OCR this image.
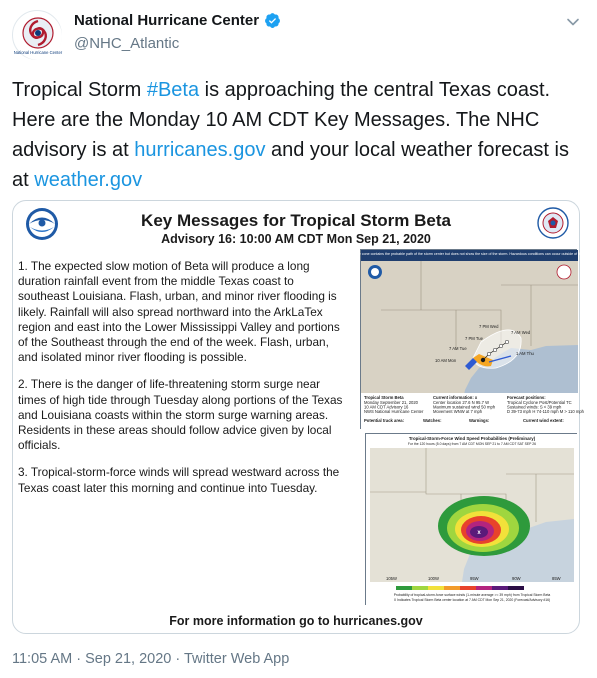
National Hurricane Center
National Hurricane Center
@NHC_Atlantic
Tropical Storm #Beta is approaching the central Texas coast. Here are the Monday 10 AM CDT Key Messages. The NHC advisory is at hurricanes.gov and your local weather forecast is at weather.gov
Key Messages for Tropical Storm Beta
Advisory 16: 10:00 AM CDT Mon Sep 21, 2020

1. The expected slow motion of Beta will produce a long duration rainfall event from the middle Texas coast to southeast Louisiana. Flash, urban, and minor river flooding is likely. Rainfall will also spread northward into the ArkLaTex region and east into the Lower Mississippi Valley and portions of the Southeast through the end of the week. Flash, urban, and isolated minor river flooding is possible.

2. There is the danger of life-threatening storm surge near times of high tide through Tuesday along portions of the Texas and Louisiana coasts within the storm surge warning areas. Residents in these areas should follow advice given by local officials.

3. Tropical-storm-force winds will spread westward across the Texas coast later this morning and continue into Tuesday.

Note: The cone contains the probable path of the storm center but does not show the size of the storm. Hazardous conditions can occur outside of the cone.
7 PM Wed
7 PM Tue
7 AM Wed
7 AM Tue
10 AM Mon
1 AM Thu
Tropical Storm Beta
Monday September 21, 2020
10 AM CDT Advisory 16
NWS National Hurricane Center
Current information: x
Center location 27.6 N 95.7 W
Maximum sustained wind 50 mph
Movement WNW at 7 mph
Forecast positions:
Tropical Cyclone Post/Potential TC
Sustained winds: S < 39 mph
D 39-73 mph H 74-110 mph M > 110 mph
Potential track area:	Watches:	Warnings:	Current wind extent:
Tropical-Storm-Force Wind Speed Probabilities (Preliminary)
For the 120 hours (5.0 days) from 7 AM CDT MON SEP 21 to 7 AM CDT SAT SEP 26
x
105W	100W	95W	90W	85W
Probability of tropical-storm-force surface winds (1-minute average >= 39 mph) from Tropical Storm Beta
X Indicates Tropical Storm Beta center location at 7 AM CDT Mon Sep 21, 2020 (Forecast/Advisory #16)
For more information go to hurricanes.gov
11:05 AM · Sep 21, 2020 · Twitter Web App
